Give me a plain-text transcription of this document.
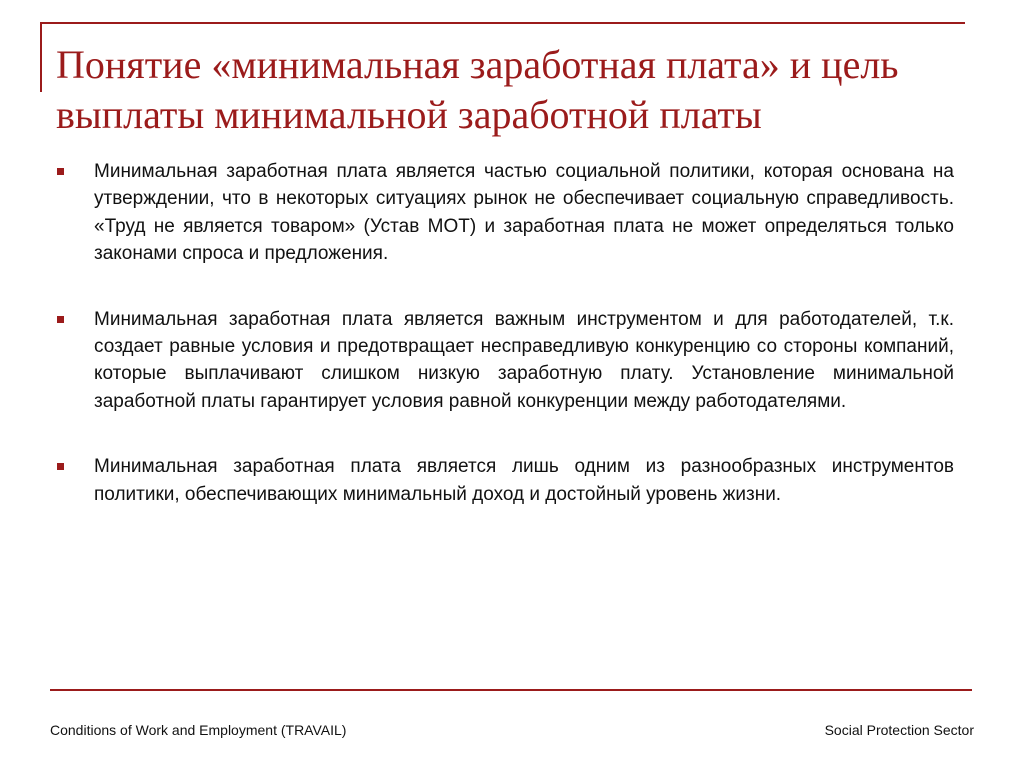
Понятие «минимальная заработная плата» и цель выплаты минимальной заработной платы
Минимальная заработная плата является частью социальной политики, которая основана на утверждении, что в некоторых ситуациях рынок не обеспечивает социальную справедливость. «Труд не является товаром» (Устав МОТ) и заработная плата не может определяться только законами спроса и предложения.
Минимальная заработная плата является важным инструментом и для работодателей, т.к. создает равные условия и предотвращает несправедливую конкуренцию со стороны компаний, которые выплачивают слишком низкую заработную плату. Установление минимальной заработной платы гарантирует условия равной конкуренции между работодателями.
Минимальная заработная плата является лишь одним из разнообразных инструментов политики, обеспечивающих минимальный доход и достойный уровень жизни.
Conditions of Work and Employment (TRAVAIL)	Social Protection Sector
